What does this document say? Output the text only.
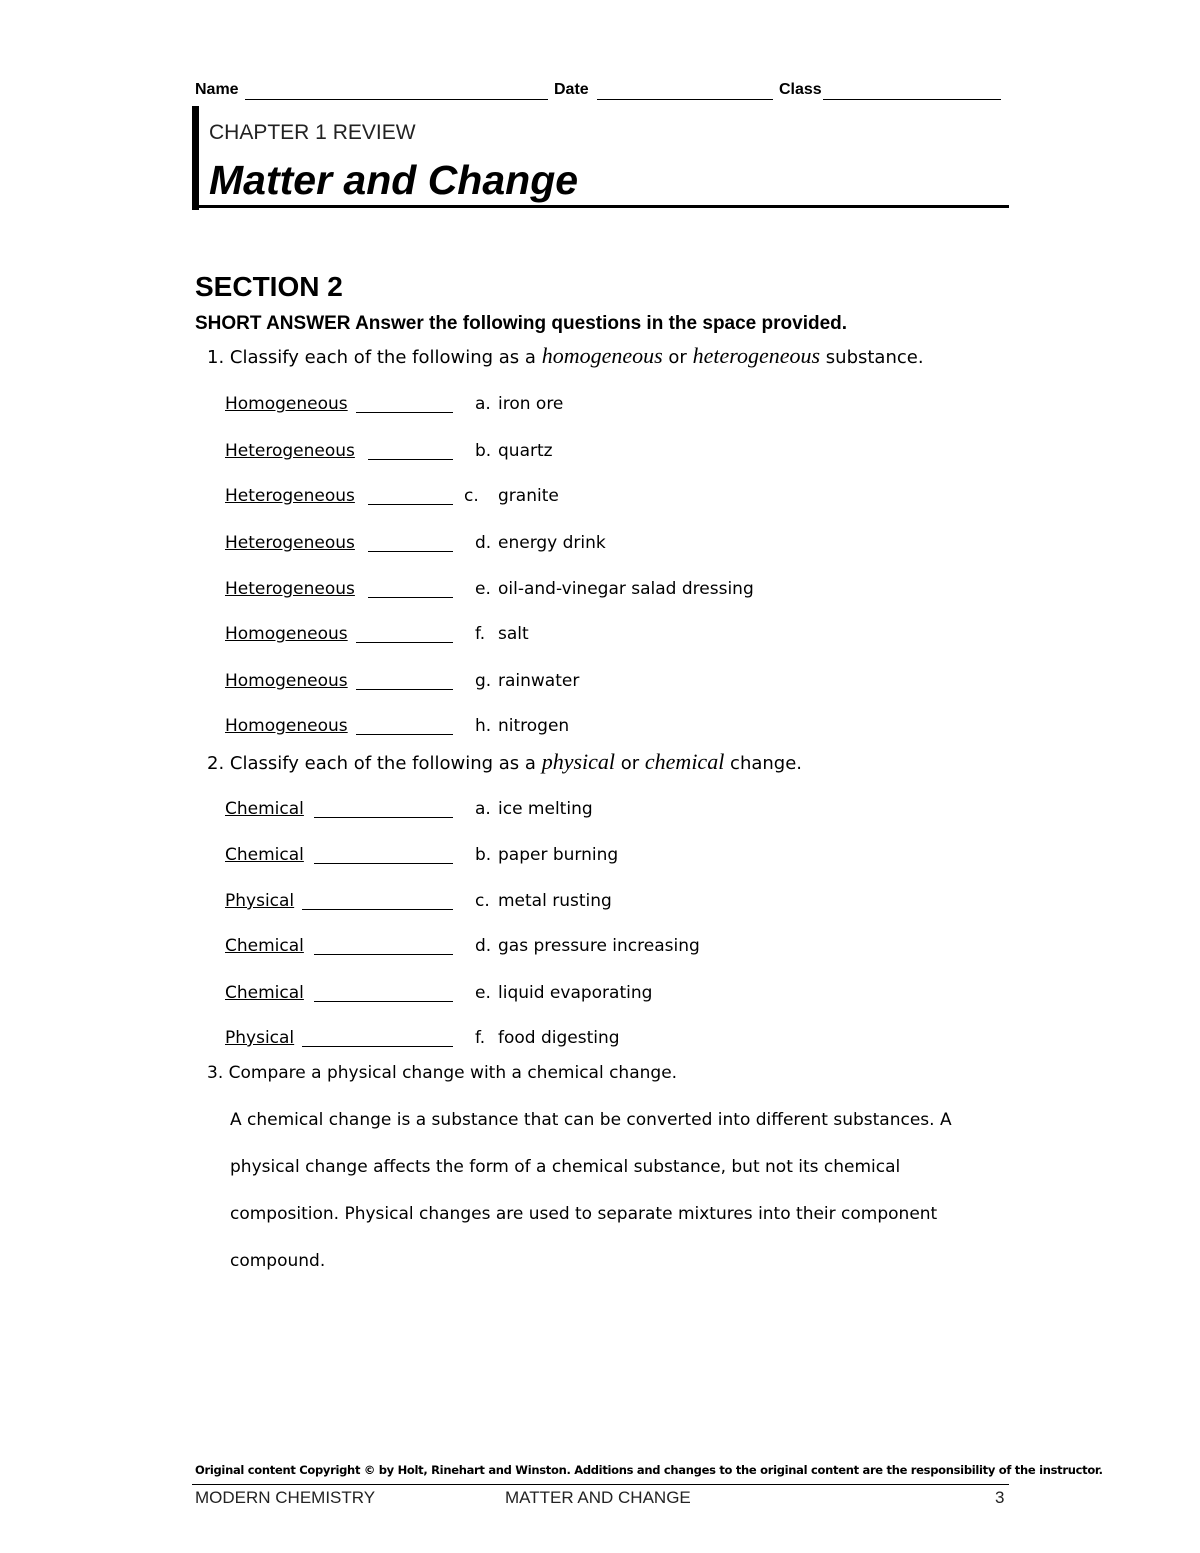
Name	Date	Class
CHAPTER 1 REVIEW
Matter and Change
SECTION 2
SHORT ANSWER Answer the following questions in the space provided.
1. Classify each of the following as a homogeneous or heterogeneous substance.
Homogeneous	a. iron ore
Heterogeneous	b. quartz
Heterogeneous	c. granite
Heterogeneous	d. energy drink
Heterogeneous	e. oil-and-vinegar salad dressing
Homogeneous	f. salt
Homogeneous	g. rainwater
Homogeneous	h. nitrogen
2. Classify each of the following as a physical or chemical change.
Chemical	a. ice melting
Chemical	b. paper burning
Physical	c. metal rusting
Chemical	d. gas pressure increasing
Chemical	e. liquid evaporating
Physical	f. food digesting
3. Compare a physical change with a chemical change.
A chemical change is a substance that can be converted into different substances. A
physical change affects the form of a chemical substance, but not its chemical
composition. Physical changes are used to separate mixtures into their component
compound.
Original content Copyright © by Holt, Rinehart and Winston. Additions and changes to the original content are the responsibility of the instructor.
MODERN CHEMISTRY	MATTER AND CHANGE	3
